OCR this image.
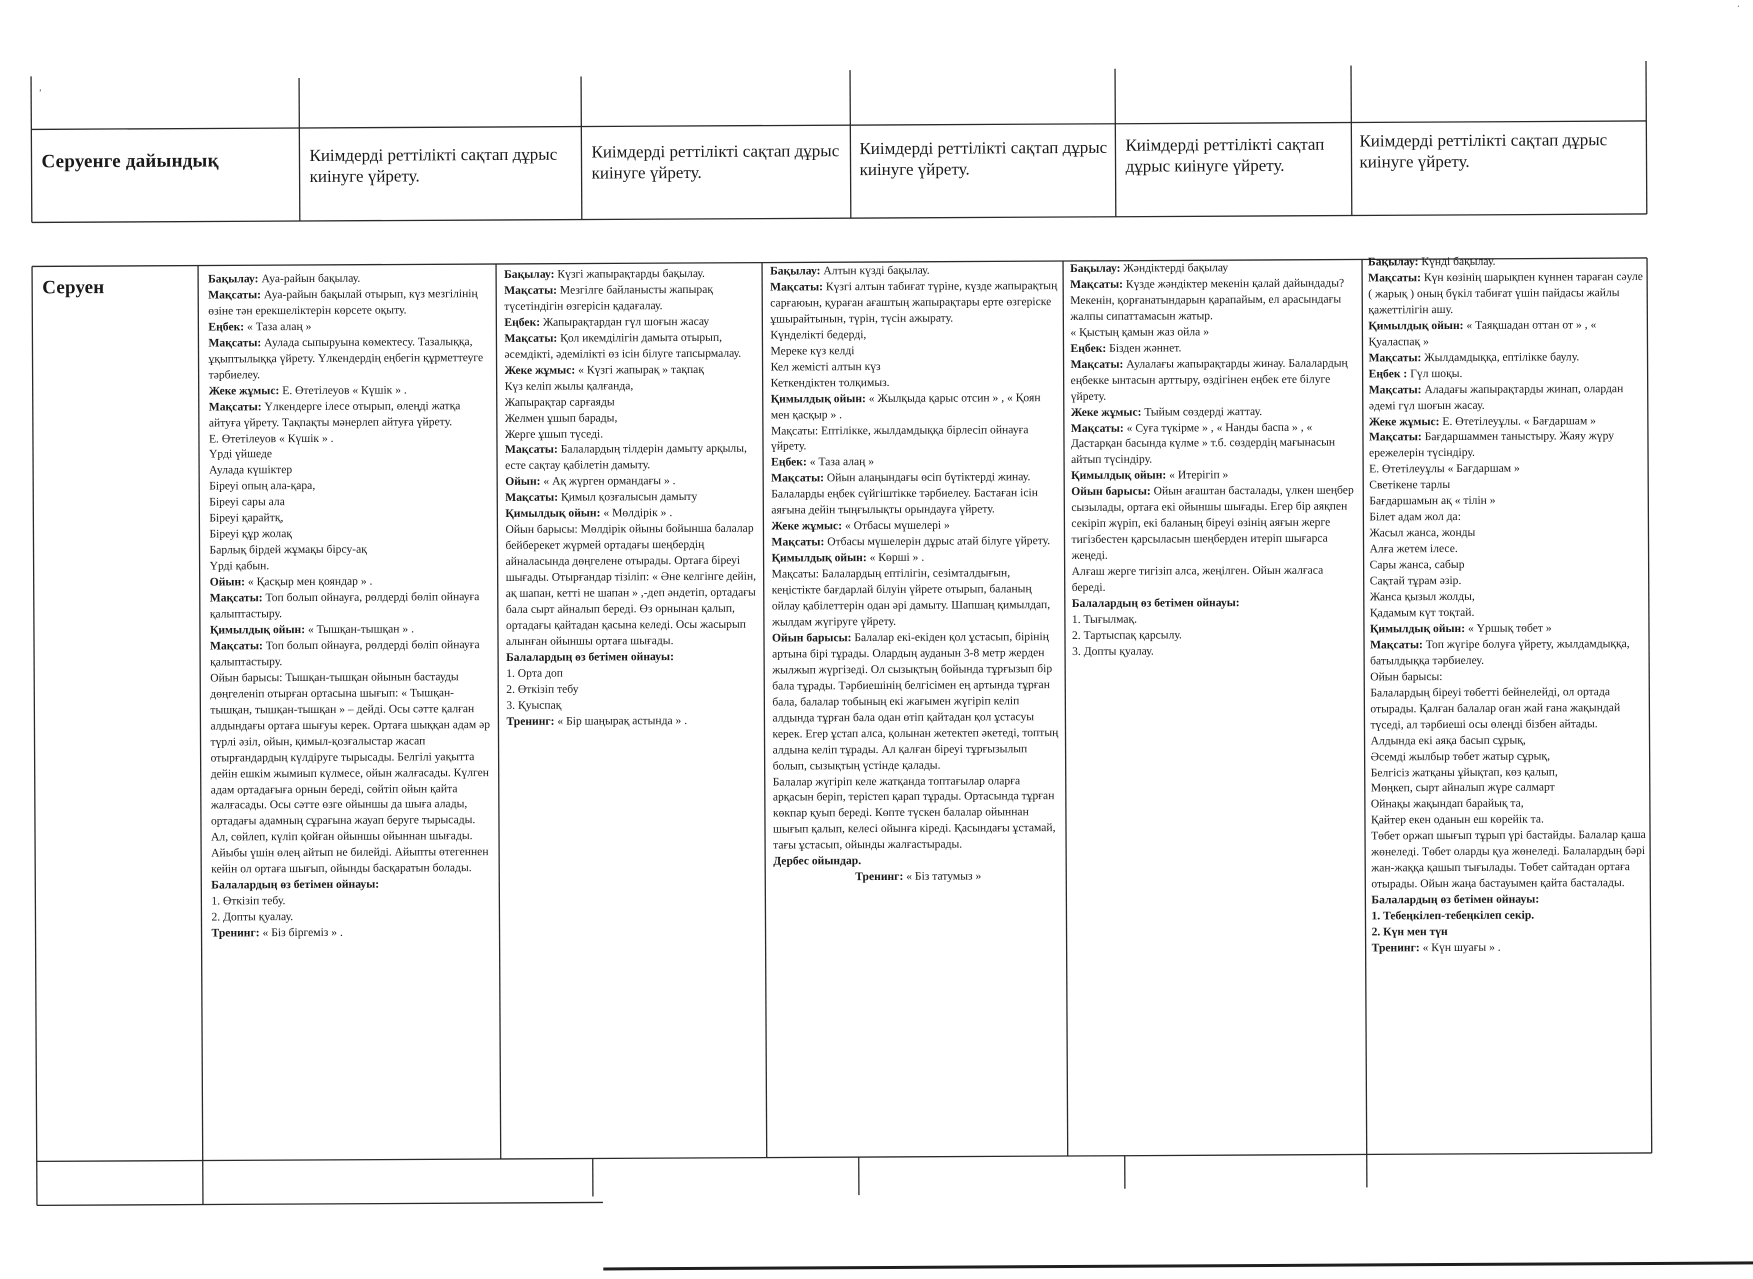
,
·
Серуенге дайындық	Киімдерді реттілікті сақтап дұрыс киінуге үйрету.
Киімдерді реттілікті сақтап дұрыс киінуге үйрету.
Киімдерді реттілікті сақтап дұрыс киінуге үйрету.
Киімдерді реттілікті сақтап дұрыс киінуге үйрету.
Киімдерді реттілікті сақтап дұрыс киінуге үйрету.
Серуен	Бақылау: Ауа-райын бақылау.
Мақсаты: Ауа-райын бақылай отырып, күз мезгілінің өзіне тән ерекшеліктерін көрсете оқыту.
Еңбек: « Таза алаң »
Мақсаты: Аулада сыпыруына көмектесу. Тазалыққа, ұқыптылыққа үйрету. Үлкендердің еңбегін құрметтеуге тәрбиелеу.
Жеке жұмыс: Е. Өтетілеуов « Күшік » .
Мақсаты: Үлкендерге ілесе отырып, өлеңді жатқа айтуға үйрету. Тақпақты мәнерлеп айтуға үйрету.
Е. Өтетілеуов « Күшік » .
Үрді үйшеде
Аулада күшіктер
Біреуі опың ала-қара,
Біреуі сары ала
Біреуі қарайтқ,
Біреуі құр жолақ
Барлық бірдей жұмақы бірсу-ақ
Үрді қабын.
Ойын: « Қасқыр мен қояндар » .
Мақсаты: Топ болып ойнауға, рөлдерді бөліп ойнауға қалыптастыру.
Қимылдық ойын: « Тышқан-тышқан » .
Мақсаты: Топ болып ойнауға, рөлдерді бөліп ойнауға қалыптастыру.
Ойын барысы: Тышқан-тышқан ойынын бастауды дөңгеленіп отырған ортасына шығып: « Тышқан-тышқан, тышқан-тышқан » – дейді. Осы сәтте қалған алдындағы ортаға шығуы керек. Ортаға шыққан адам әр түрлі әзіл, ойын, қимыл-қозғалыстар жасап отырғандардың күлдіруге тырысады. Белгілі уақытта дейін ешкім жымиып күлмесе, ойын жалғасады. Күлген адам ортадағыға орнын береді, сөйтіп ойын қайта жалғасады. Осы сәтте өзге ойыншы да шыға алады, ортадағы адамның сұрағына жауап беруге тырысады. Ал, сөйлеп, күліп қойған ойыншы ойыннан шығады. Айыбы үшін өлең айтып не билейді. Айыпты өтегеннен кейін ол ортаға шығып, ойынды басқаратын болады.
Балалардың өз бетімен ойнауы:
1. Өткізіп тебу.
2. Допты қуалау.
Тренинг: « Біз біргеміз » .
Бақылау: Күзгі жапырақтарды бақылау.
Мақсаты: Мезгілге байланысты жапырақ түсетіндігін өзгерісін қадағалау.
Еңбек: Жапырақтардан гүл шоғын жасау
Мақсаты: Қол икемділігін дамыта отырып, әсемдікті, әдемілікті өз ісін білуге тапсырмалау.
Жеке жұмыс: « Күзгі жапырақ » тақпақ
Күз келіп жылы қалғанда,
Жапырақтар сарғаяды
Желмен ұшып барады,
Жерге ұшып түседі.
Мақсаты: Балалардың тілдерін дамыту арқылы, есте сақтау қабілетін дамыту.
Ойын: « Ақ жүрген ормандағы » .
Мақсаты: Қимыл қозғалысын дамыту
Қимылдық ойын: « Мөлдірік » .
Ойын барысы: Мөлдірік ойыны бойынша балалар бейберекет жүрмей ортадағы шеңбердің айналасында дөңгелене отырады. Ортаға біреуі шығады. Отырғандар тізіліп: « Әне келгінге дейін, ақ шапан, кетті не шапан » ,-деп әндетіп, ортадағы бала сырт айналып береді. Өз орнынан қалып, ортадағы қайтадан қасына келеді. Осы жасырып алынған ойыншы ортаға шығады.
Балалардың өз бетімен ойнауы:
1. Орта доп
2. Өткізіп тебу
3. Қуыспақ
Тренинг: « Бір шаңырақ астында » .
Бақылау: Алтын күзді бақылау.
Мақсаты: Күзгі алтын табиғат түріне, күзде жапырақтың сарғаюын, қураған ағаштың жапырақтары ерте өзгеріске ұшырайтынын, түрін, түсін ажырату.
Күнделікті бедерді,
Мереке күз келді
Кел жемісті алтын күз
Кеткендіктен толқимыз.
Қимылдық ойын: « Жылқыда қарыс отсин » , « Қоян мен қасқыр » .
Мақсаты: Ептілікке, жылдамдыққа бірлесіп ойнауға үйрету.
Еңбек: « Таза алаң »
Мақсаты: Ойын алаңындағы өсіп бүтіктерді жинау. Балаларды еңбек сүйгіштікке тәрбиелеу. Бастаған ісін аяғына дейін тыңғылықты орындауға үйрету.
Жеке жұмыс: « Отбасы мүшелері »
Мақсаты: Отбасы мүшелерін дұрыс атай білуге үйрету.
Қимылдық ойын: « Көрші » .
Мақсаты: Балалардың ептілігін, сезімталдығын, кеңістікте бағдарлай білуін үйрете отырып, баланың ойлау қабілеттерін одан әрі дамыту. Шапшаң қимылдап, жылдам жүгіруге үйрету.
Ойын барысы: Балалар екі-екіден қол ұстасып, бірінің артына бірі тұрады. Олардың ауданын 3-8 метр жерден жылжып жүргізеді. Ол сызықтың бойында тұрғызып бір бала тұрады. Тәрбиешінің белгісімен ең артында тұрған бала, балалар тобының екі жағымен жүгіріп келіп алдында тұрған бала одан өтіп қайтадан қол ұстасуы керек. Егер ұстап алса, қолынан жетектеп әкетеді, топтың алдына келіп тұрады. Ал қалған біреуі тұрғызылып болып, сызықтың үстінде қалады.
Балалар жүгіріп келе жатқанда топтағылар оларға арқасын беріп, терістеп қарап тұрады. Ортасында тұрған көкпар қуып береді. Көпте түскен балалар ойыннан шығып қалып, келесі ойынға кіреді. Қасындағы ұстамай, тағы ұстасып, ойынды жалғастырады.
Дербес ойындар.
Тренинг: « Біз татумыз »
Бақылау: Жәндіктерді бақылау
Мақсаты: Күзде жәндіктер мекенін қалай дайындады? Мекенін, қорғанатындарын қарапайым, ел арасындағы жалпы сипаттамасын жатыр.
« Қыстың қамын жаз ойла »
Еңбек: Бізден жәннет.
Мақсаты: Аулалағы жапырақтарды жинау. Балалардың еңбекке ынтасын арттыру, өздігінен еңбек ете білуге үйрету.
Жеке жұмыс: Тыйым сөздерді жаттау.
Мақсаты: « Суға түкірме » , « Нанды баспа » , « Дастарқан басында күлме » т.б. сөздердің мағынасын айтып түсіндіру.
Қимылдық ойын: « Итерігіп »
Ойын барысы: Ойын ағаштан басталады, үлкен шеңбер сызылады, ортаға екі ойыншы шығады. Егер бір аяқпен секіріп жүріп, екі баланың біреуі өзінің аяғын жерге тигізбестен қарсыласын шеңберден итеріп шығарса жеңеді.
Алғаш жерге тигізіп алса, жеңілген. Ойын жалғаса береді.
Балалардың өз бетімен ойнауы:
1. Тығылмақ.
2. Тартыспақ қарсылу.
3. Допты қуалау.
Бақылау: Күнді бақылау.
Мақсаты: Күн көзінің шарықпен күннен тараған сәуле ( жарық ) оның бүкіл табиғат үшін пайдасы жайлы қажеттілігін ашу.
Қимылдық ойын: « Таяқшадан оттан от » , « Қуаласпақ »
Мақсаты: Жылдамдыққа, ептілікке баулу.
Еңбек : Гүл шоқы.
Мақсаты: Аладағы жапырақтарды жинап, олардан әдемі гүл шоғын жасау.
Жеке жұмыс: Е. Өтетілеуұлы. « Бағдаршам »
Мақсаты: Бағдаршаммен таныстыру. Жаяу жүру ережелерін түсіндіру.
Е. Өтетілеуұлы « Бағдаршам »
Светікене тарлы
Бағдаршамын ақ « тілін »
Білет адам жол да:
Жасыл жанса, жонды
Алға жетем ілесе.
Сары жанса, сабыр
Сақтай тұрам әзір.
Жанса қызыл жолды,
Қадамым күт тоқтай.
Қимылдық ойын: « Үршық төбет »
Мақсаты: Топ жүгіре болуға үйрету, жылдамдыққа, батылдыққа тәрбиелеу.
Ойын барысы:
Балалардың біреуі төбетті бейнелейді, ол ортада отырады. Қалған балалар оған жай ғана жақындай түседі, ал тәрбиеші осы өлеңді бізбен айтады.
Алдында екі аяқа басып сұрық,
Әсемді жылбыр төбет жатыр сұрық,
Белгісіз жатқаны ұйықтап, көз қалып,
Мөңкеп, сырт айналып жүре салмарт
Ойнақы жақындап барайық та,
Қайтер екен оданын еш көрейік та.
Төбет оржап шығып тұрып үрі бастайды. Балалар қаша жөнеледі. Төбет оларды қуа жөнеледі. Балалардың бәрі жан-жаққа қашып тығылады. Төбет сайтадан ортаға отырады. Ойын жаңа бастауымен қайта басталады.
Балалардың өз бетімен ойнауы:
1. Тебеңкілеп-тебеңкілеп секір.
2. Күн мен түн
Тренинг: « Күн шуағы » .
